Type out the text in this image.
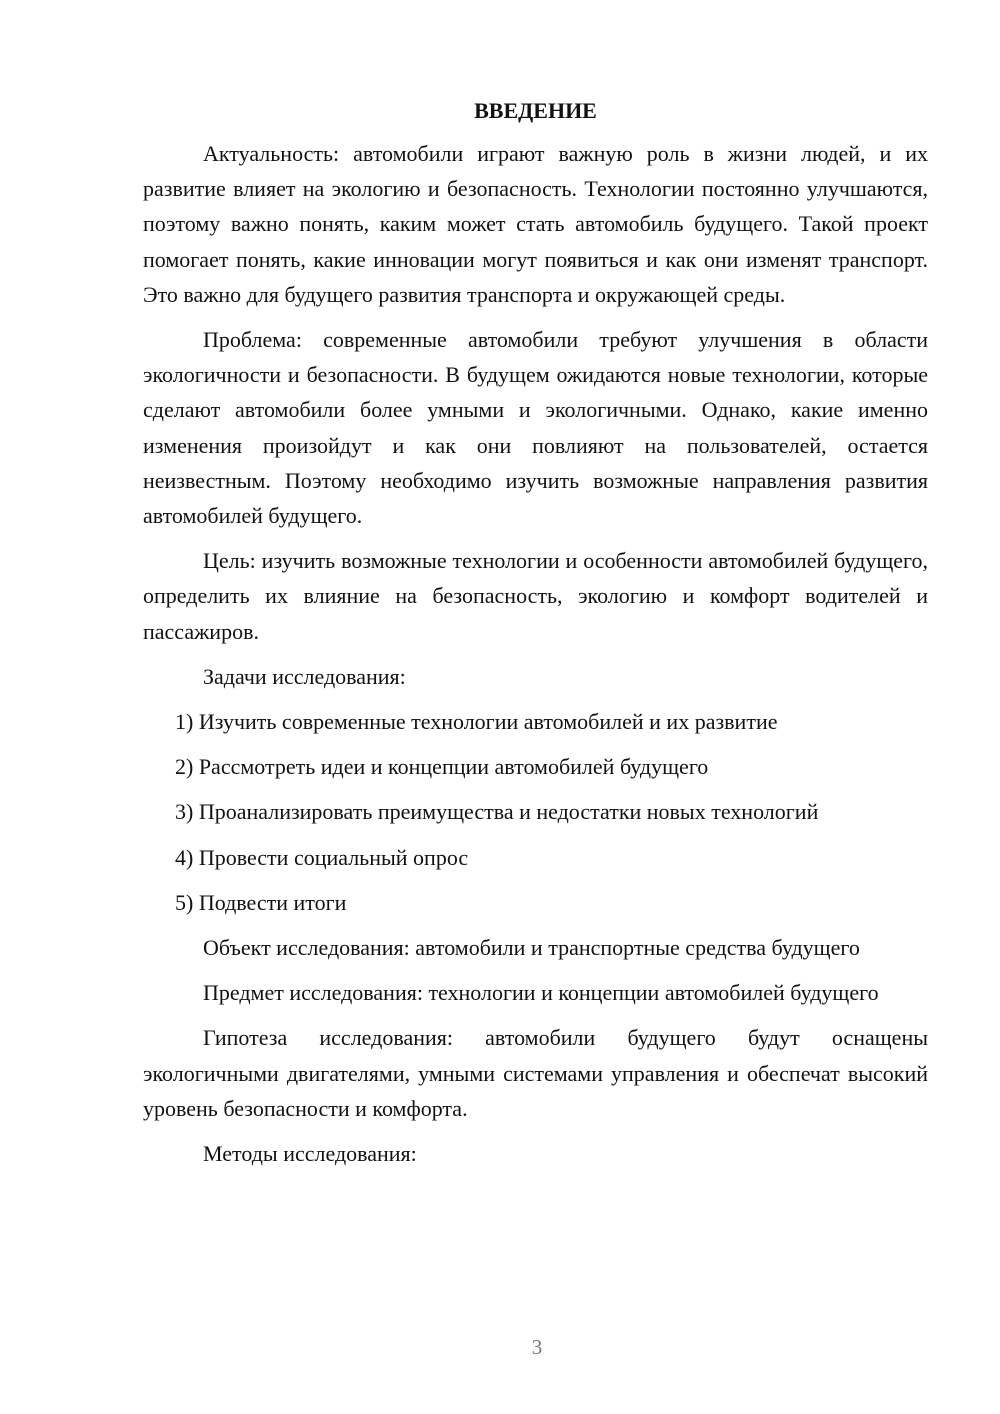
ВВЕДЕНИЕ
Актуальность: автомобили играют важную роль в жизни людей, и их развитие влияет на экологию и безопасность. Технологии постоянно улучшаются, поэтому важно понять, каким может стать автомобиль будущего. Такой проект помогает понять, какие инновации могут появиться и как они изменят транспорт. Это важно для будущего развития транспорта и окружающей среды.
Проблема: современные автомобили требуют улучшения в области экологичности и безопасности. В будущем ожидаются новые технологии, которые сделают автомобили более умными и экологичными. Однако, какие именно изменения произойдут и как они повлияют на пользователей, остается неизвестным. Поэтому необходимо изучить возможные направления развития автомобилей будущего.
Цель: изучить возможные технологии и особенности автомобилей будущего, определить их влияние на безопасность, экологию и комфорт водителей и пассажиров.
Задачи исследования:
1) Изучить современные технологии автомобилей и их развитие
2) Рассмотреть идеи и концепции автомобилей будущего
3) Проанализировать преимущества и недостатки новых технологий
4) Провести социальный опрос
5) Подвести итоги
Объект исследования: автомобили и транспортные средства будущего
Предмет исследования: технологии и концепции автомобилей будущего
Гипотеза исследования: автомобили будущего будут оснащены экологичными двигателями, умными системами управления и обеспечат высокий уровень безопасности и комфорта.
Методы исследования:
3
